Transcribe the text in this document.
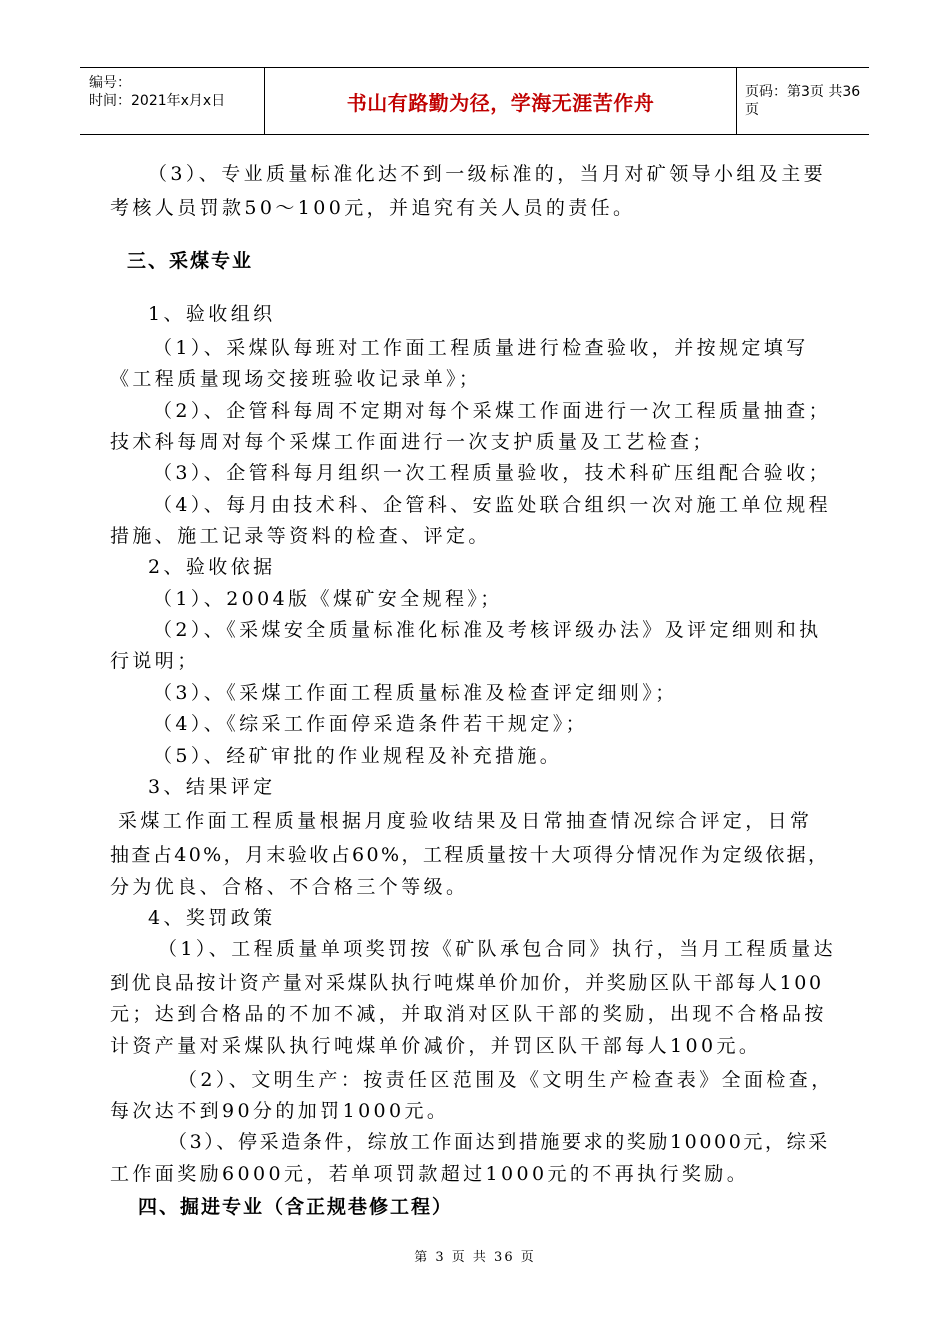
编号：
时间：2021年x月x日	书山有路勤为径，学海无涯苦作舟	页码：第3页 共36页
（3）、专业质量标准化达不到一级标准的，当月对矿领导小组及主要
考核人员罚款50～100元，并追究有关人员的责任。
三、采煤专业
1、验收组织
（1）、采煤队每班对工作面工程质量进行检查验收，并按规定填写
《工程质量现场交接班验收记录单》；
（2）、企管科每周不定期对每个采煤工作面进行一次工程质量抽查；
技术科每周对每个采煤工作面进行一次支护质量及工艺检查；
（3）、企管科每月组织一次工程质量验收，技术科矿压组配合验收；
（4）、每月由技术科、企管科、安监处联合组织一次对施工单位规程
措施、施工记录等资料的检查、评定。
2、验收依据
（1）、2004版《煤矿安全规程》；
（2）、《采煤安全质量标准化标准及考核评级办法》及评定细则和执
行说明；
（3）、《采煤工作面工程质量标准及检查评定细则》；
（4）、《综采工作面停采造条件若干规定》；
（5）、经矿审批的作业规程及补充措施。
3、结果评定
采煤工作面工程质量根据月度验收结果及日常抽查情况综合评定，日常
抽查占40%，月末验收占60%，工程质量按十大项得分情况作为定级依据，
分为优良、合格、不合格三个等级。
4、奖罚政策
（1）、工程质量单项奖罚按《矿队承包合同》执行，当月工程质量达
到优良品按计资产量对采煤队执行吨煤单价加价，并奖励区队干部每人100
元；达到合格品的不加不减，并取消对区队干部的奖励，出现不合格品按
计资产量对采煤队执行吨煤单价减价，并罚区队干部每人100元。
（2）、文明生产：按责任区范围及《文明生产检查表》全面检查，
每次达不到90分的加罚1000元。
（3）、停采造条件，综放工作面达到措施要求的奖励10000元，综采
工作面奖励6000元，若单项罚款超过1000元的不再执行奖励。
四、掘进专业（含正规巷修工程）
第 3 页 共 36 页
